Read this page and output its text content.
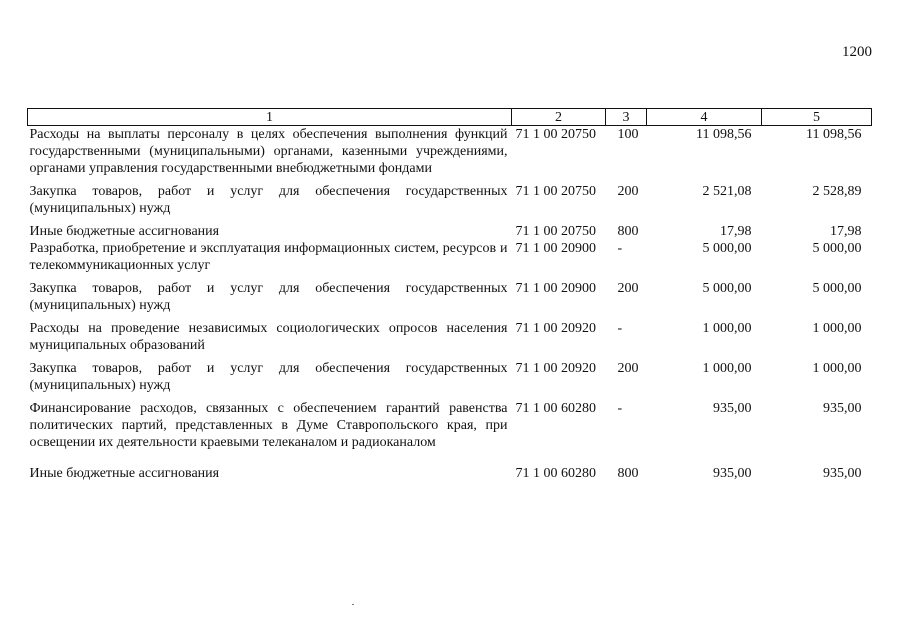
1200
1	2	3	4	5
Расходы на выплаты персоналу в целях обеспечения выполнения функций государственными (муниципальными) органами, казенными учреждениями, органами управления государственными внебюджетными фондами	71 1 00 20750	100	11 098,56	11 098,56
Закупка товаров, работ и услуг для обеспечения государственных (муниципальных) нужд	71 1 00 20750	200	2 521,08	2 528,89
Иные бюджетные ассигнования	71 1 00 20750	800	17,98	17,98
Разработка, приобретение и эксплуатация информационных систем, ресурсов и телекоммуникационных услуг	71 1 00 20900	-	5 000,00	5 000,00
Закупка товаров, работ и услуг для обеспечения государственных (муниципальных) нужд	71 1 00 20900	200	5 000,00	5 000,00
Расходы на проведение независимых социологических опросов населения муниципальных образований	71 1 00 20920	-	1 000,00	1 000,00
Закупка товаров, работ и услуг для обеспечения государственных (муниципальных) нужд	71 1 00 20920	200	1 000,00	1 000,00
Финансирование расходов, связанных с обеспечением гарантий равенства политических партий, представленных в Думе Ставропольского края, при освещении их деятельности краевыми телеканалом и радиоканалом	71 1 00 60280	-	935,00	935,00
Иные бюджетные ассигнования	71 1 00 60280	800	935,00	935,00
